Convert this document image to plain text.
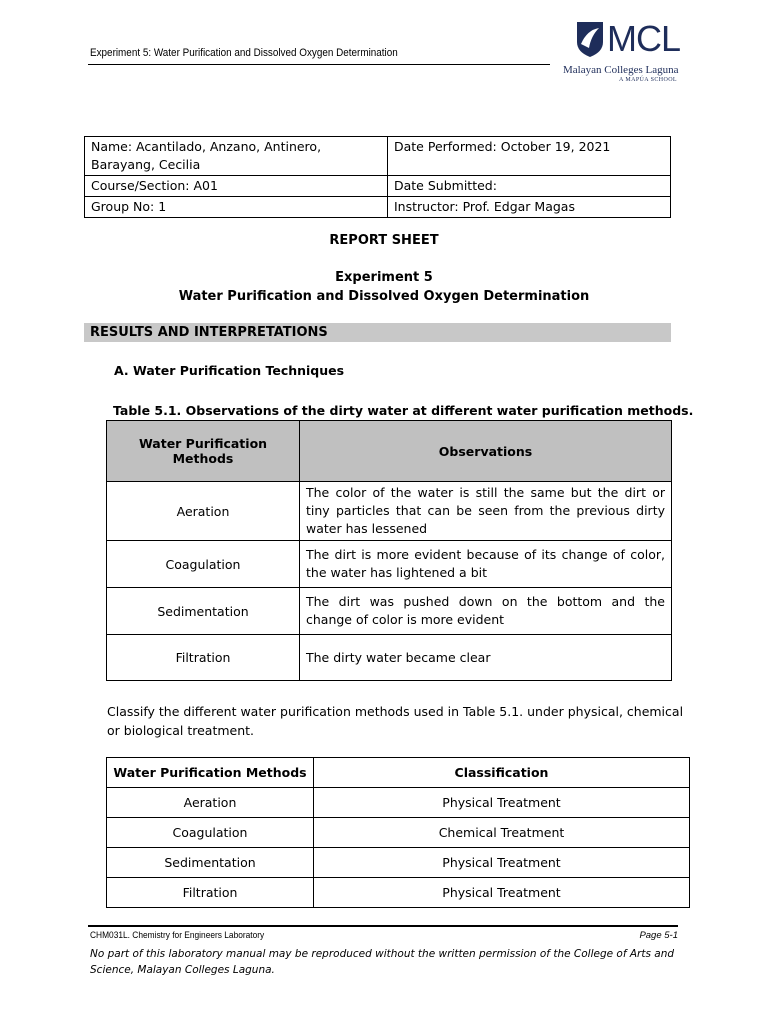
Experiment 5: Water Purification and Dissolved Oxygen Determination	MCL
Malayan Colleges Laguna
A MAPÚA SCHOOL
Name: Acantilado, Anzano, Antinero, Barayang, Cecilia	Date Performed: October 19, 2021
Course/Section: A01	Date Submitted:
Group No: 1	Instructor: Prof. Edgar Magas
REPORT SHEET
Experiment 5
Water Purification and Dissolved Oxygen Determination
RESULTS AND INTERPRETATIONS
A. Water Purification Techniques
Table 5.1. Observations of the dirty water at different water purification methods.
Water Purification Methods	Observations
Aeration	The color of the water is still the same but the dirt or tiny particles that can be seen from the previous dirty water has lessened
Coagulation	The dirt is more evident because of its change of color, the water has lightened a bit
Sedimentation	The dirt was pushed down on the bottom and the change of color is more evident
Filtration	The dirty water became clear
Classify the different water purification methods used in Table 5.1. under physical, chemical or biological treatment.
Water Purification Methods	Classification
Aeration	Physical Treatment
Coagulation	Chemical Treatment
Sedimentation	Physical Treatment
Filtration	Physical Treatment
CHM031L. Chemistry for Engineers Laboratory	Page 5-1
No part of this laboratory manual may be reproduced without the written permission of the College of Arts and Science, Malayan Colleges Laguna.
